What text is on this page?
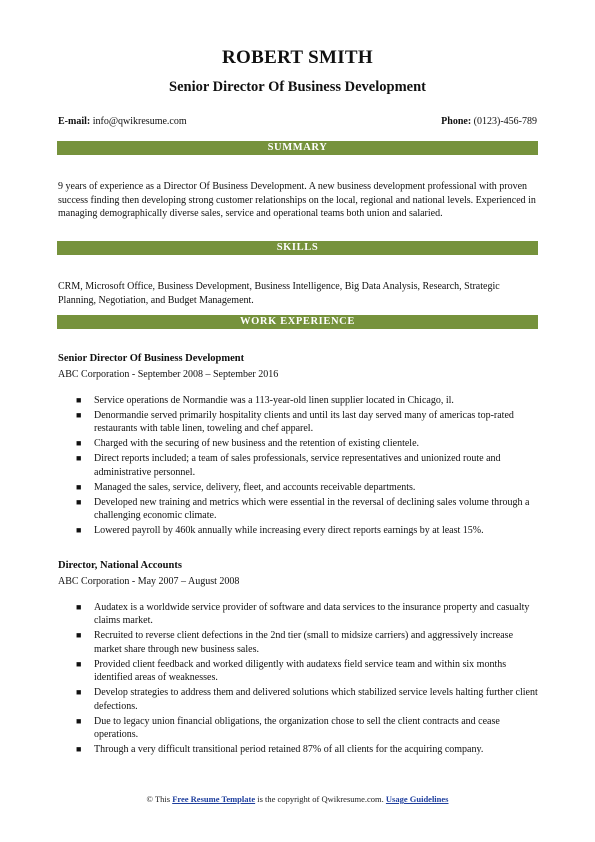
ROBERT SMITH
Senior Director Of Business Development
E-mail: info@qwikresume.com	Phone: (0123)-456-789
SUMMARY
9 years of experience as a Director Of Business Development. A new business development professional with proven success finding then developing strong customer relationships on the local, regional and national levels. Experienced in managing demographically diverse sales, service and operational teams both union and salaried.
SKILLS
CRM, Microsoft Office, Business Development, Business Intelligence, Big Data Analysis, Research, Strategic Planning, Negotiation, and Budget Management.
WORK EXPERIENCE
Senior Director Of Business Development
ABC Corporation - September 2008 – September 2016
■ Service operations de Normandie was a 113-year-old linen supplier located in Chicago, il.
■ Denormandie served primarily hospitality clients and until its last day served many of americas top-rated restaurants with table linen, toweling and chef apparel.
■ Charged with the securing of new business and the retention of existing clientele.
■ Direct reports included; a team of sales professionals, service representatives and unionized route and administrative personnel.
■ Managed the sales, service, delivery, fleet, and accounts receivable departments.
■ Developed new training and metrics which were essential in the reversal of declining sales volume through a challenging economic climate.
■ Lowered payroll by 460k annually while increasing every direct reports earnings by at least 15%.
Director, National Accounts
ABC Corporation - May 2007 – August 2008
■ Audatex is a worldwide service provider of software and data services to the insurance property and casualty claims market.
■ Recruited to reverse client defections in the 2nd tier (small to midsize carriers) and aggressively increase market share through new business sales.
■ Provided client feedback and worked diligently with audatexs field service team and within six months identified areas of weaknesses.
■ Develop strategies to address them and delivered solutions which stabilized service levels halting further client defections.
■ Due to legacy union financial obligations, the organization chose to sell the client contracts and cease operations.
■ Through a very difficult transitional period retained 87% of all clients for the acquiring company.
© This Free Resume Template is the copyright of Qwikresume.com. Usage Guidelines
